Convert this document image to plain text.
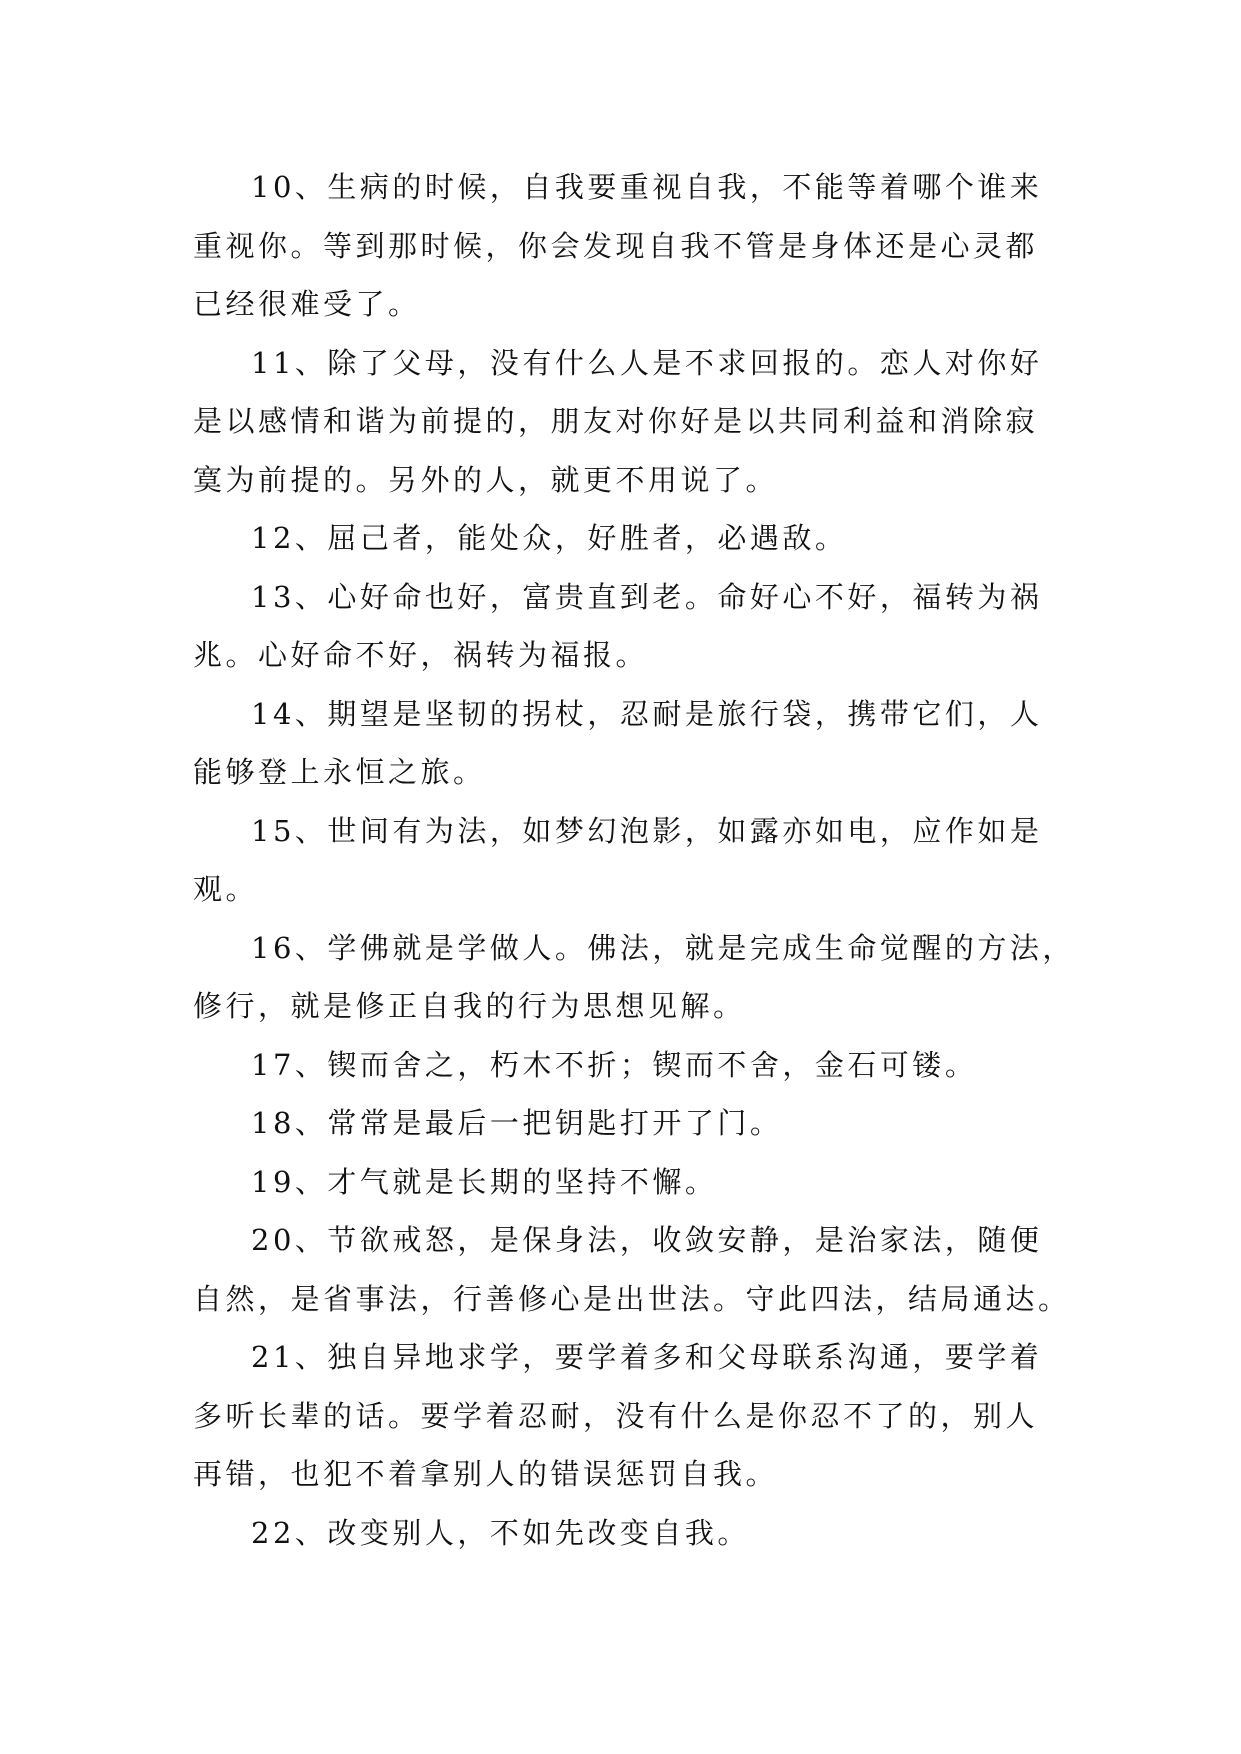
10、生病的时候，自我要重视自我，不能等着哪个谁来
重视你。等到那时候，你会发现自我不管是身体还是心灵都
已经很难受了。

11、除了父母，没有什么人是不求回报的。恋人对你好
是以感情和谐为前提的，朋友对你好是以共同利益和消除寂
寞为前提的。另外的人，就更不用说了。

12、屈己者，能处众，好胜者，必遇敌。

13、心好命也好，富贵直到老。命好心不好，福转为祸
兆。心好命不好，祸转为福报。

14、期望是坚韧的拐杖，忍耐是旅行袋，携带它们，人
能够登上永恒之旅。

15、世间有为法，如梦幻泡影，如露亦如电，应作如是
观。

16、学佛就是学做人。佛法，就是完成生命觉醒的方法，
修行，就是修正自我的行为思想见解。

17、锲而舍之，朽木不折；锲而不舍，金石可镂。

18、常常是最后一把钥匙打开了门。

19、才气就是长期的坚持不懈。

20、节欲戒怒，是保身法，收敛安静，是治家法，随便
自然，是省事法，行善修心是出世法。守此四法，结局通达。

21、独自异地求学，要学着多和父母联系沟通，要学着
多听长辈的话。要学着忍耐，没有什么是你忍不了的，别人
再错，也犯不着拿别人的错误惩罚自我。

22、改变别人，不如先改变自我。
